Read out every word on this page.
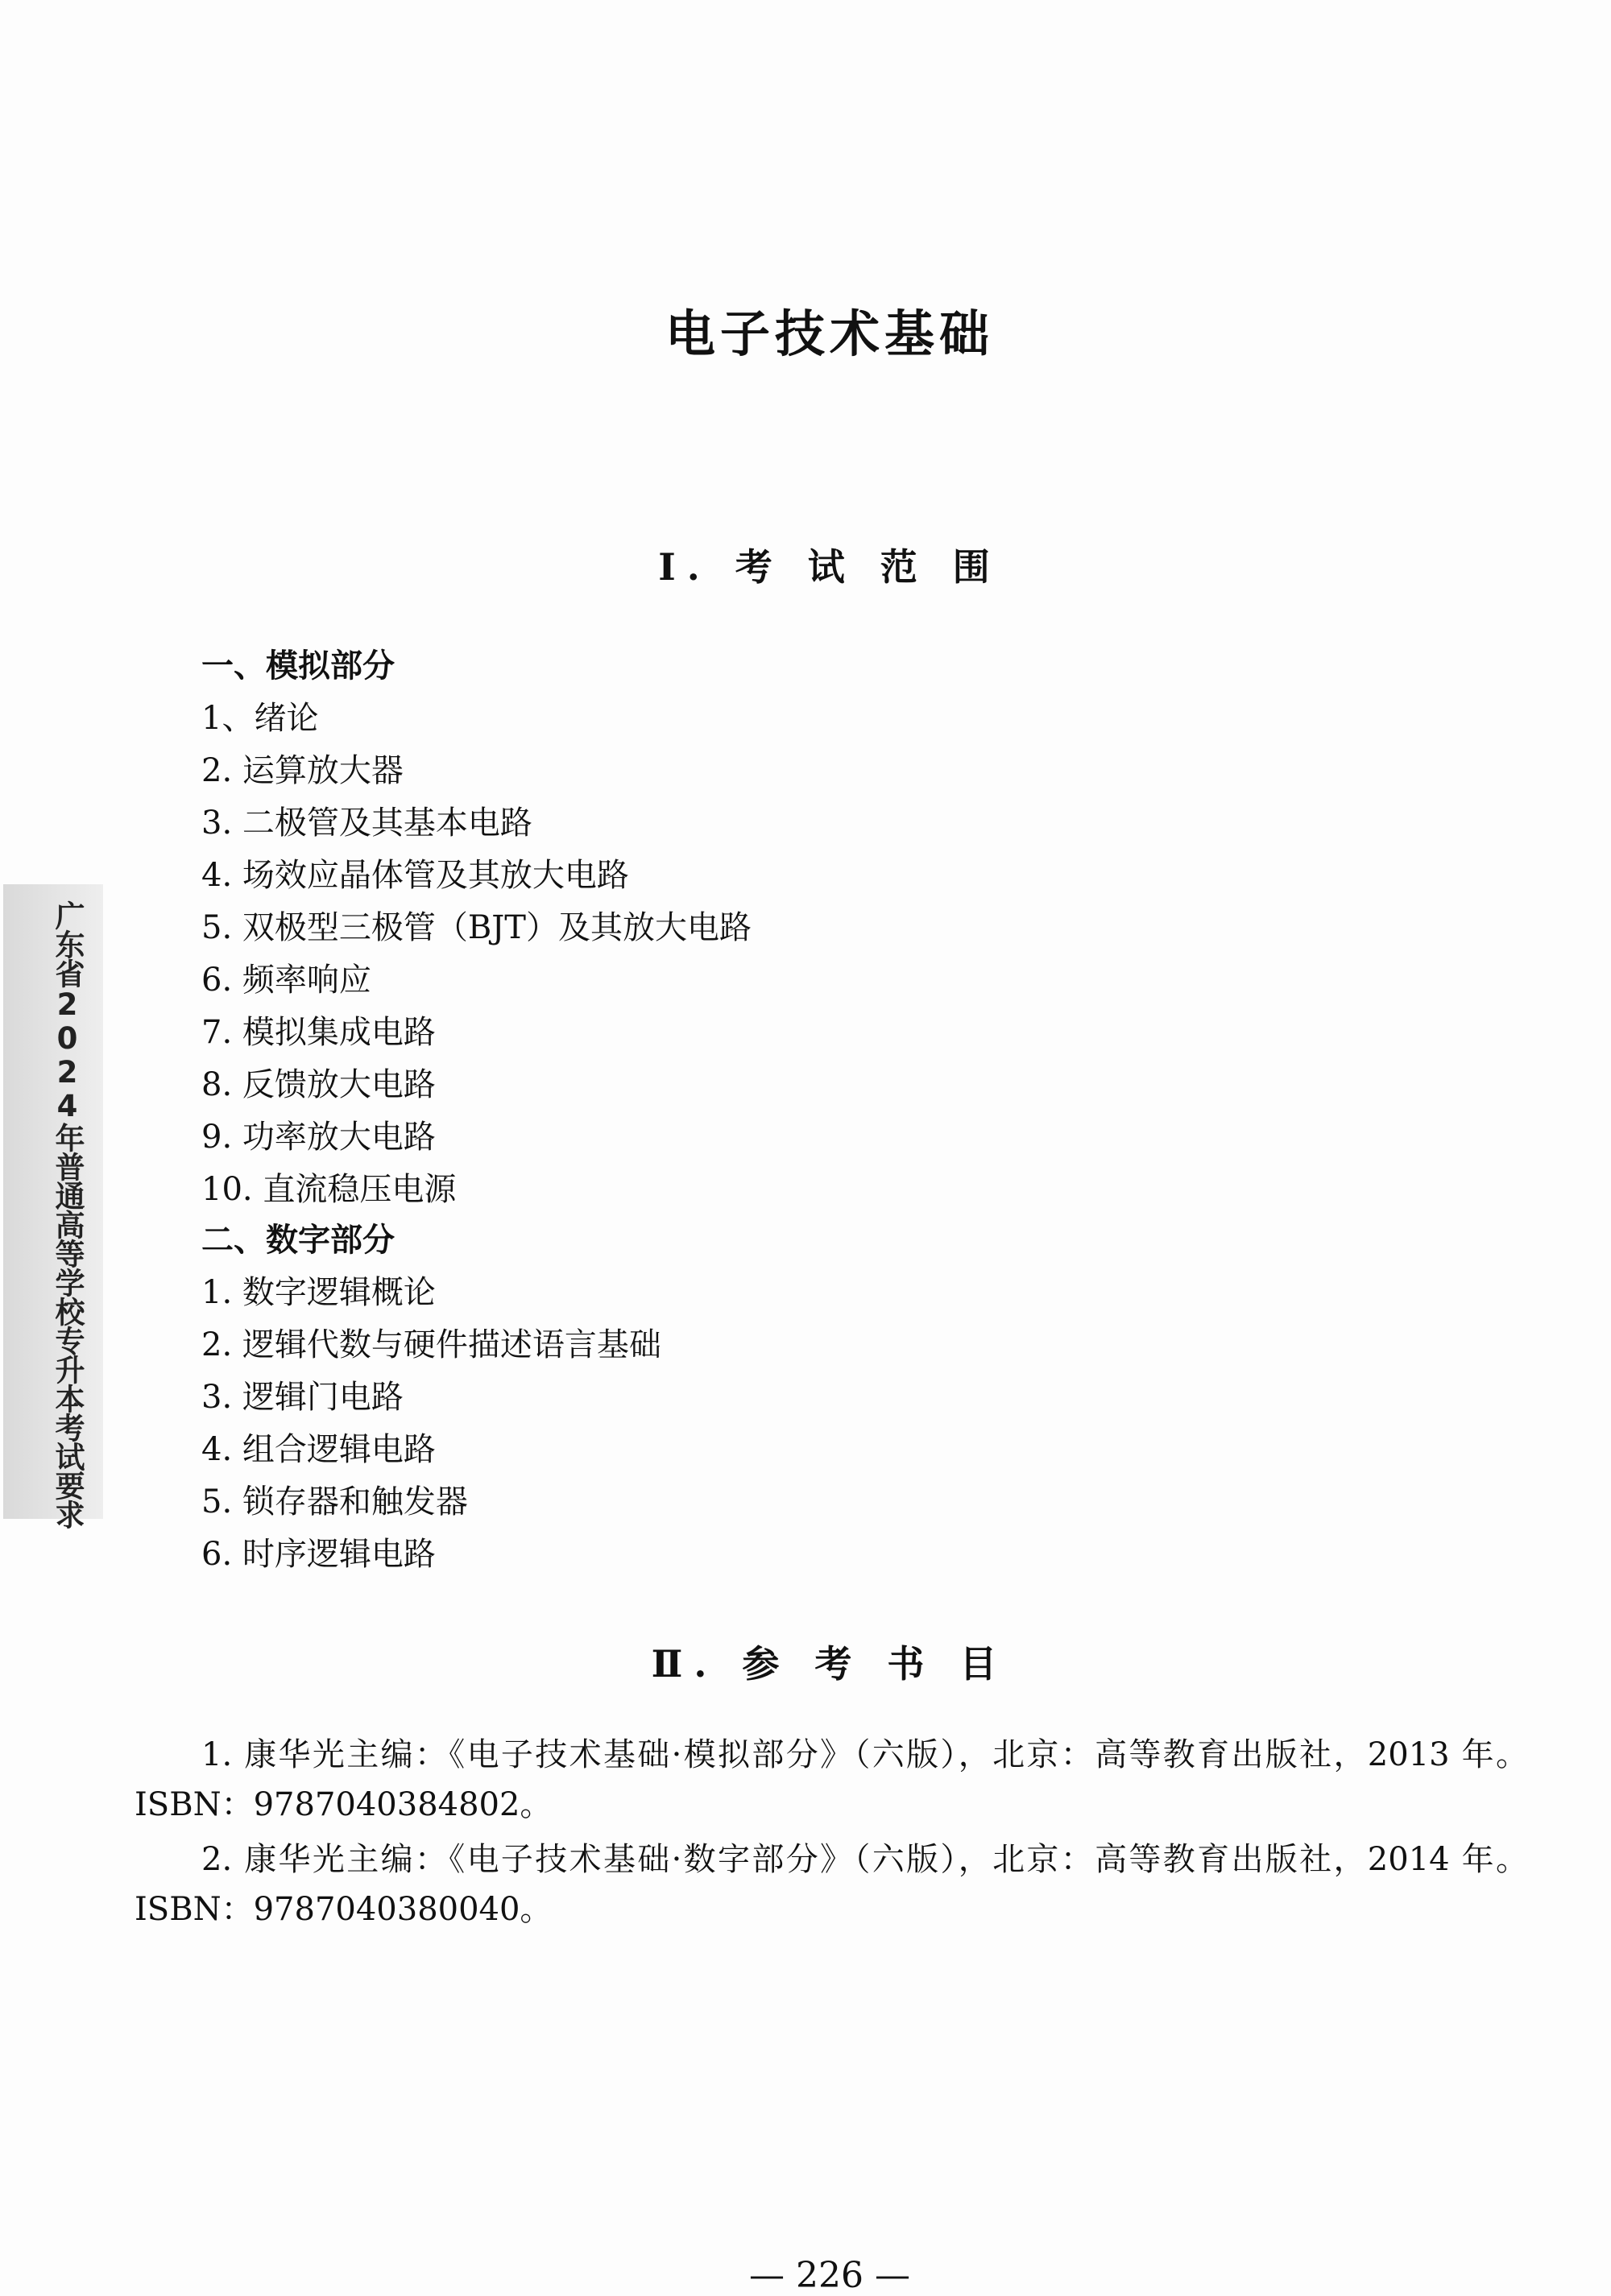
广东省2024年普通高等学校专升本考试要求
电子技术基础
Ⅰ. 考 试 范 围
一、模拟部分
1、绪论
2. 运算放大器
3. 二极管及其基本电路
4. 场效应晶体管及其放大电路
5. 双极型三极管（BJT）及其放大电路
6. 频率响应
7. 模拟集成电路
8. 反馈放大电路
9. 功率放大电路
10. 直流稳压电源
二、数字部分
1. 数字逻辑概论
2. 逻辑代数与硬件描述语言基础
3. 逻辑门电路
4. 组合逻辑电路
5. 锁存器和触发器
6. 时序逻辑电路
Ⅱ. 参 考 书 目
1. 康华光主编：《电子技术基础·模拟部分》（六版），北京：高等教育出版社，2013 年。ISBN：9787040384802。
2. 康华光主编：《电子技术基础·数字部分》（六版），北京：高等教育出版社，2014 年。ISBN：9787040380040。
— 226 —
